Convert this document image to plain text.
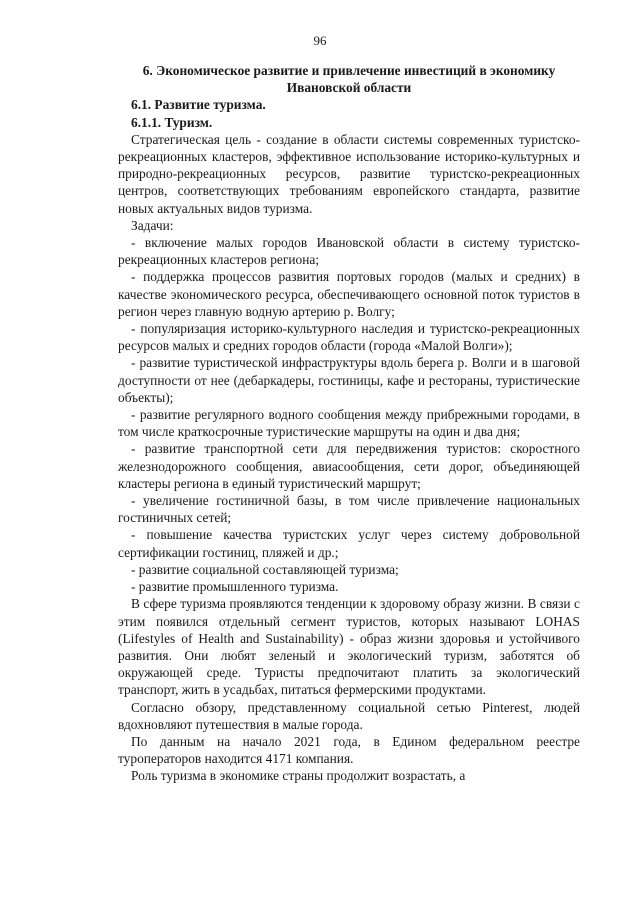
96
6. Экономическое развитие и привлечение инвестиций в экономику Ивановской области
6.1. Развитие туризма.
6.1.1. Туризм.

Стратегическая цель - создание в области системы современных туристско-рекреационных кластеров, эффективное использование историко-культурных и природно-рекреационных ресурсов, развитие туристско-рекреационных центров, соответствующих требованиям европейского стандарта, развитие новых актуальных видов туризма.

Задачи:

- включение малых городов Ивановской области в систему туристско-рекреационных кластеров региона;

- поддержка процессов развития портовых городов (малых и средних) в качестве экономического ресурса, обеспечивающего основной поток туристов в регион через главную водную артерию р. Волгу;

- популяризация историко-культурного наследия и туристско-рекреационных ресурсов малых и средних городов области (города «Малой Волги»);

- развитие туристической инфраструктуры вдоль берега р. Волги и в шаговой доступности от нее (дебаркадеры, гостиницы, кафе и рестораны, туристические объекты);

- развитие регулярного водного сообщения между прибрежными городами, в том числе краткосрочные туристические маршруты на один и два дня;

- развитие транспортной сети для передвижения туристов: скоростного железнодорожного сообщения, авиасообщения, сети дорог, объединяющей кластеры региона в единый туристический маршрут;

- увеличение гостиничной базы, в том числе привлечение национальных гостиничных сетей;

- повышение качества туристских услуг через систему добровольной сертификации гостиниц, пляжей и др.;

- развитие социальной составляющей туризма;

- развитие промышленного туризма.

В сфере туризма проявляются тенденции к здоровому образу жизни. В связи с этим появился отдельный сегмент туристов, которых называют LOHAS (Lifestyles of Health and Sustainability) - образ жизни здоровья и устойчивого развития. Они любят зеленый и экологический туризм, заботятся об окружающей среде. Туристы предпочитают платить за экологический транспорт, жить в усадьбах, питаться фермерскими продуктами.

Согласно обзору, представленному социальной сетью Pinterest, людей вдохновляют путешествия в малые города.

По данным на начало 2021 года, в Едином федеральном реестре туроператоров находится 4171 компания.

Роль туризма в экономике страны продолжит возрастать, а
